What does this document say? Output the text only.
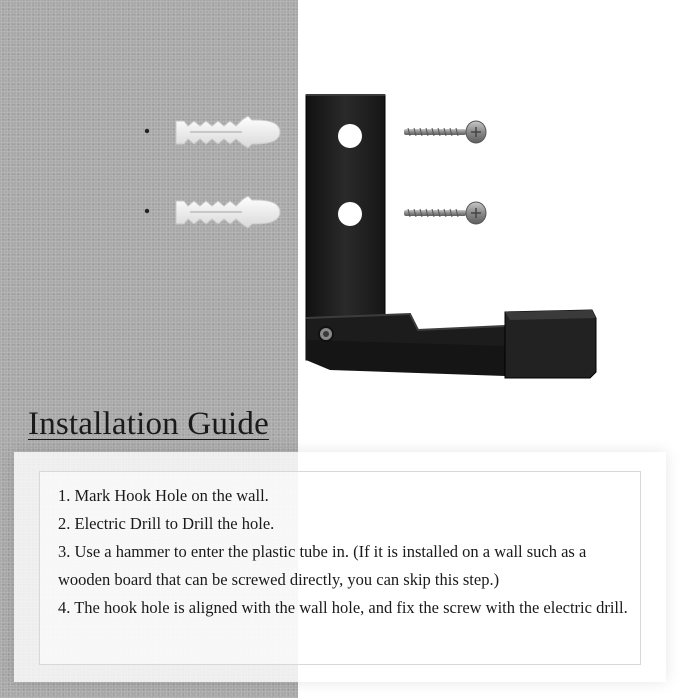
Installation Guide

1. Mark Hook Hole on the wall.

2. Electric Drill to Drill the hole.

3. Use a hammer to enter the plastic tube in. (If it is installed on a wall such as a wooden board that can be screwed directly, you can skip this step.)

4. The hook hole is aligned with the wall hole, and fix the screw with the electric drill.
